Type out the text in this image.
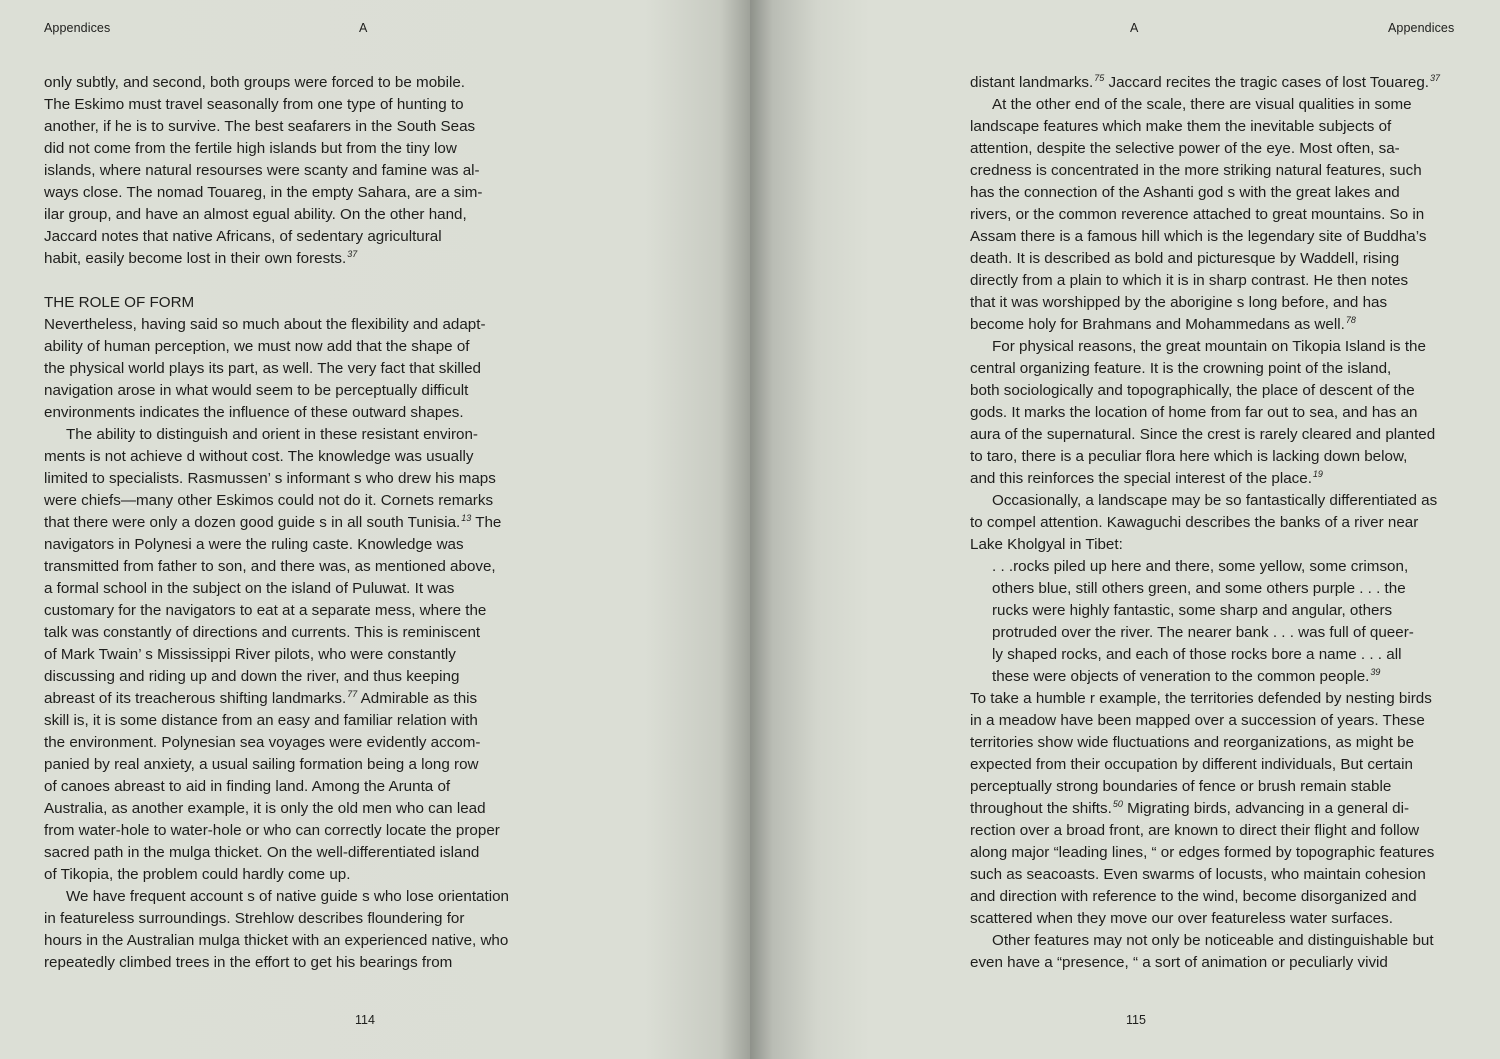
Appendices	A
only subtly, and second, both groups were forced to be mobile.
The Eskimo must travel seasonally from one type of hunting to
another, if he is to survive. The best seafarers in the South Seas
did not come from the fertile high islands but from the tiny low
islands, where natural resourses were scanty and famine was al-
ways close. The nomad Touareg, in the empty Sahara, are a sim-
ilar group, and have an almost egual ability. On the other hand,
Jaccard notes that native Africans, of sedentary agricultural
habit, easily become lost in their own forests.$^{37}$
THE ROLE OF FORM
Nevertheless, having said so much about the flexibility and adapt-
ability of human perception, we must now add that the shape of
the physical world plays its part, as well. The very fact that skilled
navigation arose in what would seem to be perceptually difficult
environments indicates the influence of these outward shapes.
The ability to distinguish and orient in these resistant environ-
ments is not achieve d without cost. The knowledge was usually
limited to specialists. Rasmussen’ s informant s who drew his maps
were chiefs—many other Eskimos could not do it. Cornets remarks
that there were only a dozen good guide s in all south Tunisia.$^{13}$ The
navigators in Polynesi a were the ruling caste. Knowledge was
transmitted from father to son, and there was, as mentioned above,
a formal school in the subject on the island of Puluwat. It was
customary for the navigators to eat at a separate mess, where the
talk was constantly of directions and currents. This is reminiscent
of Mark Twain’ s Mississippi River pilots, who were constantly
discussing and riding up and down the river, and thus keeping
abreast of its treacherous shifting landmarks.$^{77}$ Admirable as this
skill is, it is some distance from an easy and familiar relation with
the environment. Polynesian sea voyages were evidently accom-
panied by real anxiety, a usual sailing formation being a long row
of canoes abreast to aid in finding land. Among the Arunta of
Australia, as another example, it is only the old men who can lead
from water-hole to water-hole or who can correctly locate the proper
sacred path in the mulga thicket. On the well-differentiated island
of Tikopia, the problem could hardly come up.
We have frequent account s of native guide s who lose orientation
in featureless surroundings. Strehlow describes floundering for
hours in the Australian mulga thicket with an experienced native, who
repeatedly climbed trees in the effort to get his bearings from
114
A	Appendices
distant landmarks.$^{75}$ Jaccard recites the tragic cases of lost Touareg.$^{37}$
At the other end of the scale, there are visual qualities in some
landscape features which make them the inevitable subjects of
attention, despite the selective power of the eye. Most often, sa-
credness is concentrated in the more striking natural features, such
has the connection of the Ashanti god s with the great lakes and
rivers, or the common reverence attached to great mountains. So in
Assam there is a famous hill which is the legendary site of Buddha’s
death. It is described as bold and picturesque by Waddell, rising
directly from a plain to which it is in sharp contrast. He then notes
that it was worshipped by the aborigine s long before, and has
become holy for Brahmans and Mohammedans as well.$^{78}$
For physical reasons, the great mountain on Tikopia Island is the
central organizing feature. It is the crowning point of the island,
both sociologically and topographically, the place of descent of the
gods. It marks the location of home from far out to sea, and has an
aura of the supernatural. Since the crest is rarely cleared and planted
to taro, there is a peculiar flora here which is lacking down below,
and this reinforces the special interest of the place.$^{19}$
Occasionally, a landscape may be so fantastically differentiated as
to compel attention. Kawaguchi describes the banks of a river near
Lake Kholgyal in Tibet:
. . .rocks piled up here and there, some yellow, some crimson,
others blue, still others green, and some others purple . . . the
rucks were highly fantastic, some sharp and angular, others
protruded over the river. The nearer bank . . . was full of queer-
ly shaped rocks, and each of those rocks bore a name . . . all
these were objects of veneration to the common people.$^{39}$
To take a humble r example, the territories defended by nesting birds
in a meadow have been mapped over a succession of years. These
territories show wide fluctuations and reorganizations, as might be
expected from their occupation by different individuals, But certain
perceptually strong boundaries of fence or brush remain stable
throughout the shifts.$^{50}$ Migrating birds, advancing in a general di-
rection over a broad front, are known to direct their flight and follow
along major “leading lines, “ or edges formed by topographic features
such as seacoasts. Even swarms of locusts, who maintain cohesion
and direction with reference to the wind, become disorganized and
scattered when they move our over featureless water surfaces.
Other features may not only be noticeable and distinguishable but
even have a “presence, “ a sort of animation or peculiarly vivid
115
